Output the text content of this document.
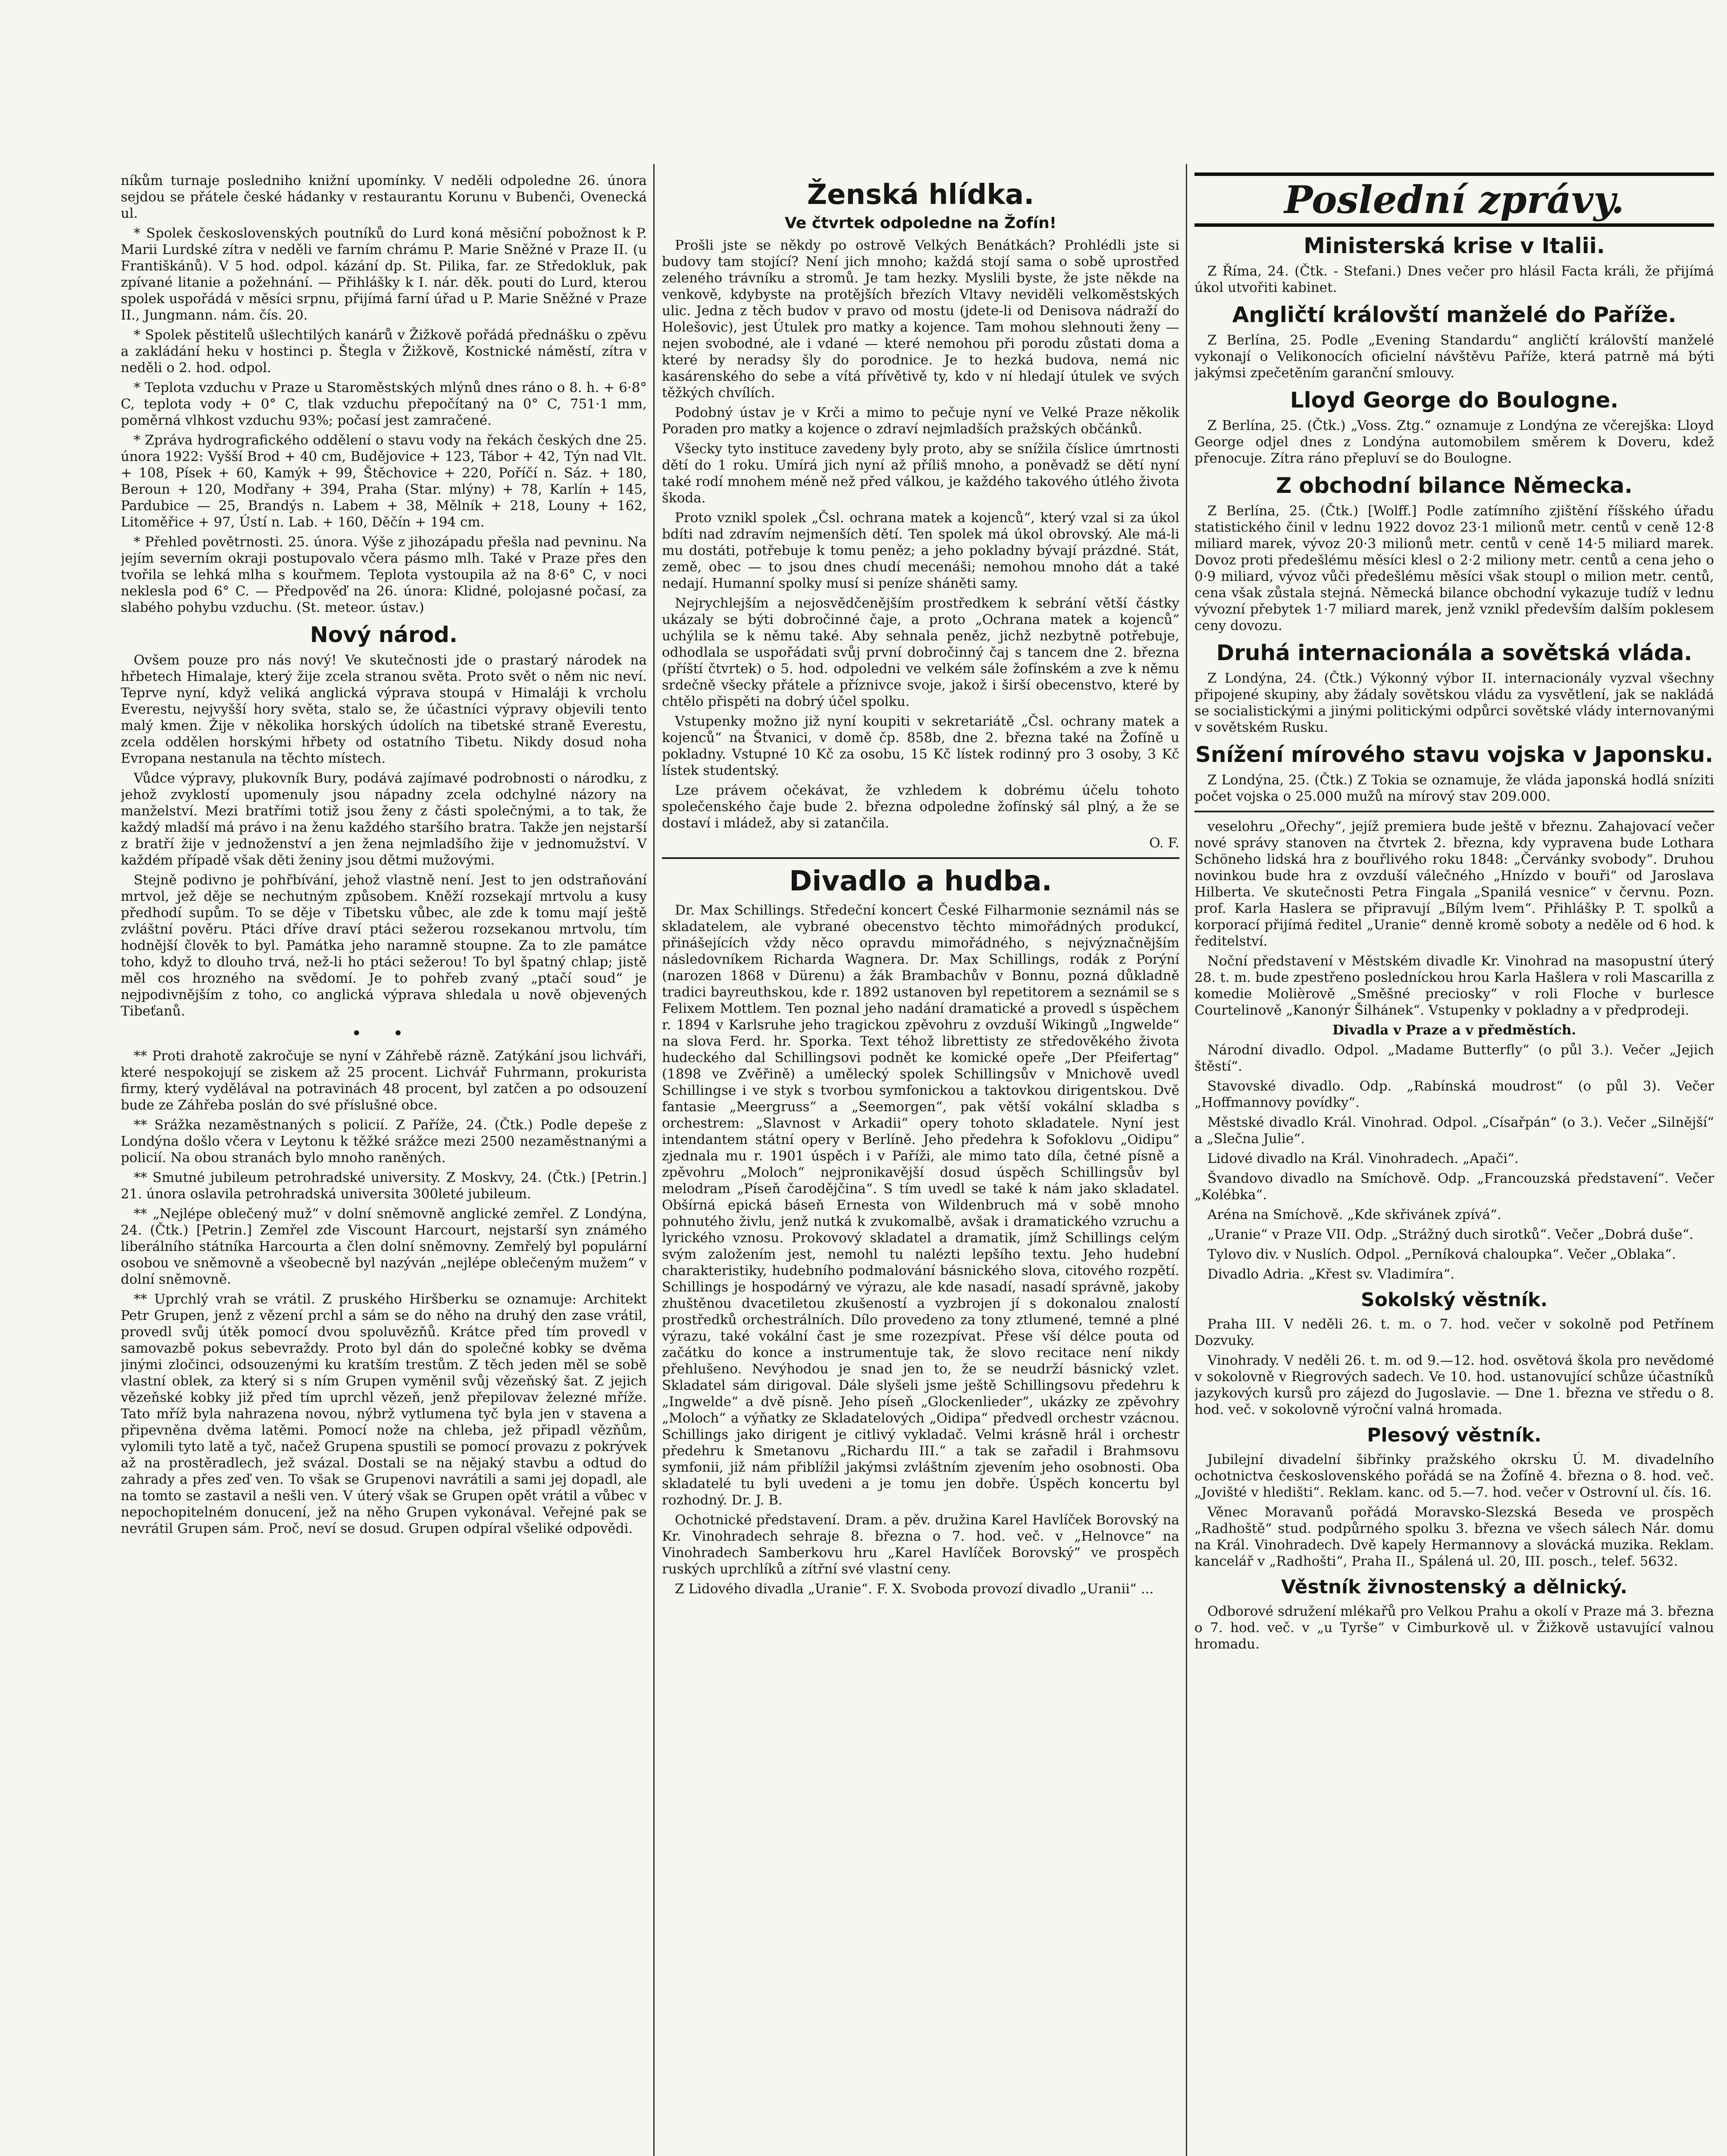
níkům turnaje posledniho knižní upomínky. V neděli odpoledne 26. února sejdou se přátele české hádanky v restaurantu Korunu v Bubenči, Ovenecká ul.

* Spolek československých poutníků do Lurd koná měsiční pobožnost k P. Marii Lurdské zítra v neděli ve farním chrámu P. Marie Sněžné v Praze II. (u Františkánů). V 5 hod. odpol. kázání dp. St. Pilika, far. ze Středokluk, pak zpívané litanie a požehnání. — Přihlášky k I. nár. děk. pouti do Lurd, kterou spolek uspořádá v měsíci srpnu, přijímá farní úřad u P. Marie Sněžné v Praze II., Jungmann. nám. čís. 20.

* Spolek pěstitelů ušlechtilých kanárů v Žižkově pořádá přednášku o zpěvu a zakládání heku v hostinci p. Štegla v Žižkově, Kostnické náměstí, zítra v neděli o 2. hod. odpol.

* Teplota vzduchu v Praze u Staroměstských mlýnů dnes ráno o 8. h. + 6·8° C, teplota vody + 0° C, tlak vzduchu přepočítaný na 0° C, 751·1 mm, poměrná vlhkost vzduchu 93%; počasí jest zamračené.

* Zpráva hydrografického oddělení o stavu vody na řekách českých dne 25. února 1922: Vyšší Brod + 40 cm, Budějovice + 123, Tábor + 42, Týn nad Vlt. + 108, Písek + 60, Kamýk + 99, Štěchovice + 220, Poříčí n. Sáz. + 180, Beroun + 120, Modřany + 394, Praha (Star. mlýny) + 78, Karlín + 145, Pardubice — 25, Brandýs n. Labem + 38, Mělník + 218, Louny + 162, Litoměřice + 97, Ústí n. Lab. + 160, Děčín + 194 cm.

* Přehled povětrnosti. 25. února. Výše z jihozápadu přešla nad pevninu. Na jejím severním okraji postupovalo včera pásmo mlh. Také v Praze přes den tvořila se lehká mlha s kouřmem. Teplota vystoupila až na 8·6° C, v noci neklesla pod 6° C. — Předpověď na 26. února: Klidné, polojasné počasí, za slabého pohybu vzduchu. (St. meteor. ústav.)

Nový národ.

Ovšem pouze pro nás nový! Ve skutečnosti jde o prastarý národek na hřbetech Himalaje, který žije zcela stranou světa. Proto svět o něm nic neví. Teprve nyní, když veliká anglická výprava stoupá v Himaláji k vrcholu Everestu, nejvyšší hory světa, stalo se, že účastníci výpravy objevili tento malý kmen. Žije v několika horských údolích na tibetské straně Everestu, zcela oddělen horskými hřbety od ostatního Tibetu. Nikdy dosud noha Evropana nestanula na těchto místech.

Vůdce výpravy, plukovník Bury, podává zajímavé podrobnosti o národku, z jehož zvyklostí upomenuly jsou nápadny zcela odchylné názory na manželství. Mezi bratřími totiž jsou ženy z části společnými, a to tak, že každý mladší má právo i na ženu každého staršího bratra. Takže jen nejstarší z bratří žije v jednoženství a jen žena nejmladšího žije v jednomužství. V každém případě však děti ženiny jsou dětmi mužovými.

Stejně podivno je pohřbívání, jehož vlastně není. Jest to jen odstraňování mrtvol, jež děje se nechutným způsobem. Kněží rozsekají mrtvolu a kusy předhodí supům. To se děje v Tibetsku vůbec, ale zde k tomu mají ještě zvláštní pověru. Ptáci dříve draví ptáci sežerou rozsekanou mrtvolu, tím hodnější člověk to byl. Památka jeho naramně stoupne. Za to zle památce toho, když to dlouho trvá, než-li ho ptáci sežerou! To byl špatný chlap; jistě měl cos hrozného na svědomí. Je to pohřeb zvaný „ptačí soud“ je nejpodivnějším z toho, co anglická výprava shledala u nově objevených Tibeťanů.

• •

** Proti drahotě zakročuje se nyní v Záhřebě rázně. Zatýkání jsou lichváři, které nespokojují se ziskem až 25 procent. Lichvář Fuhrmann, prokurista firmy, který vydělával na potravinách 48 procent, byl zatčen a po odsouzení bude ze Záhřeba poslán do své příslušné obce.

** Srážka nezaměstnaných s policií. Z Paříže, 24. (Čtk.) Podle depeše z Londýna došlo včera v Leytonu k těžké srážce mezi 2500 nezaměstnanými a policií. Na obou stranách bylo mnoho raněných.

** Smutné jubileum petrohradské university. Z Moskvy, 24. (Čtk.) [Petrin.] 21. února oslavila petrohradská universita 300leté jubileum.

** „Nejlépe oblečený muž“ v dolní sněmovně anglické zemřel. Z Londýna, 24. (Čtk.) [Petrin.] Zemřel zde Viscount Harcourt, nejstarší syn známého liberálního státníka Harcourta a člen dolní sněmovny. Zemřelý byl populární osobou ve sněmovně a všeobecně byl nazýván „nejlépe oblečeným mužem“ v dolní sněmovně.

** Uprchlý vrah se vrátil. Z pruského Hiršberku se oznamuje: Architekt Petr Grupen, jenž z vězení prchl a sám se do něho na druhý den zase vrátil, provedl svůj útěk pomocí dvou spoluvězňů. Krátce před tím provedl v samovazbě pokus sebevraždy. Proto byl dán do společné kobky se dvěma jinými zločinci, odsouzenými ku kratším trestům. Z těch jeden měl se sobě vlastní oblek, za který si s ním Grupen vyměnil svůj vězeňský šat. Z jejich vězeňské kobky již před tím uprchl vězeň, jenž přepilovav železné mříže. Tato mříž byla nahrazena novou, nýbrž vytlumena tyč byla jen v stavena a připevněna dvěma latěmi. Pomocí nože na chleba, jež připadl vězňům, vylomili tyto latě a tyč, načež Grupena spustili se pomocí provazu z pokrývek až na prostěradlech, jež svázal. Dostali se na nějaký stavbu a odtud do zahrady a přes zeď ven. To však se Grupenovi navrátili a sami jej dopadl, ale na tomto se zastavil a nešli ven. V úterý však se Grupen opět vrátil a vůbec v nepochopitelném donucení, jež na něho Grupen vykonával. Veřejné pak se nevrátil Grupen sám. Proč, neví se dosud. Grupen odpíral všeliké odpovědi.

Ženská hlídka.
Ve čtvrtek odpoledne na Žofín!

Prošli jste se někdy po ostrově Velkých Benátkách? Prohlédli jste si budovy tam stojící? Není jich mnoho; každá stojí sama o sobě uprostřed zeleného trávníku a stromů. Je tam hezky. Myslili byste, že jste někde na venkově, kdybyste na protějších březích Vltavy neviděli velkoměstských ulic. Jedna z těch budov v pravo od mostu (jdete-li od Denisova nádraží do Holešovic), jest Útulek pro matky a kojence. Tam mohou slehnouti ženy — nejen svobodné, ale i vdané — které nemohou při porodu zůstati doma a které by neradsy šly do porodnice. Je to hezká budova, nemá nic kasárenského do sebe a vítá přívětivě ty, kdo v ní hledají útulek ve svých těžkých chvílích.

Podobný ústav je v Krči a mimo to pečuje nyní ve Velké Praze několik Poraden pro matky a kojence o zdraví nejmladších pražských občánků.

Všecky tyto instituce zavedeny byly proto, aby se snížila číslice úmrtnosti dětí do 1 roku. Umírá jich nyní až příliš mnoho, a poněvadž se dětí nyní také rodí mnohem méně než před válkou, je každého takového útlého života škoda.

Proto vznikl spolek „Čsl. ochrana matek a kojenců“, který vzal si za úkol bdíti nad zdravím nejmenších dětí. Ten spolek má úkol obrovský. Ale má-li mu dostáti, potřebuje k tomu peněz; a jeho pokladny bývají prázdné. Stát, země, obec — to jsou dnes chudí mecenáši; nemohou mnoho dát a také nedají. Humanní spolky musí si peníze sháněti samy.

Nejrychlejším a nejosvědčenějším prostředkem k sebrání větší částky ukázaly se býti dobročinné čaje, a proto „Ochrana matek a kojenců“ uchýlila se k němu také. Aby sehnala peněz, jichž nezbytně potřebuje, odhodlala se uspořádati svůj první dobročinný čaj s tancem dne 2. března (příští čtvrtek) o 5. hod. odpoledni ve velkém sále žofínském a zve k němu srdečně všecky přátele a příznivce svoje, jakož i širší obecenstvo, které by chtělo přispěti na dobrý účel spolku.

Vstupenky možno již nyní koupiti v sekretariátě „Čsl. ochrany matek a kojenců“ na Štvanici, v domě čp. 858b, dne 2. března také na Žofíně u pokladny. Vstupné 10 Kč za osobu, 15 Kč lístek rodinný pro 3 osoby, 3 Kč lístek studentský.

Lze právem očekávat, že vzhledem k dobrému účelu tohoto společenského čaje bude 2. března odpoledne žofínský sál plný, a že se dostaví i mládež, aby si zatančila.

O. F.

Divadlo a hudba.

Dr. Max Schillings. Středeční koncert České Filharmonie seznámil nás se skladatelem, ale vybrané obecenstvo těchto mimořádných produkcí, přinášejících vždy něco opravdu mimořádného, s nejvýznačnějším následovníkem Richarda Wagnera. Dr. Max Schillings, rodák z Porýní (narozen 1868 v Dürenu) a žák Brambachův v Bonnu, pozná důkladně tradici bayreuthskou, kde r. 1892 ustanoven byl repetitorem a seznámil se s Felixem Mottlem. Ten poznal jeho nadání dramatické a provedl s úspěchem r. 1894 v Karlsruhe jeho tragickou zpěvohru z ovzduší Wikingů „Ingwelde“ na slova Ferd. hr. Sporka. Text téhož librettisty ze středověkého života hudeckého dal Schillingsovi podnět ke komické opeře „Der Pfeifertag“ (1898 ve Zvěřině) a umělecký spolek Schillingsův v Mnichově uvedl Schillingse i ve styk s tvorbou symfonickou a taktovkou dirigentskou. Dvě fantasie „Meergruss“ a „Seemorgen“, pak větší vokální skladba s orchestrem: „Slavnost v Arkadii“ opery tohoto skladatele. Nyní jest intendantem státní opery v Berlíně. Jeho předehra k Sofoklovu „Oidipu“ zjednala mu r. 1901 úspěch i v Paříži, ale mimo tato díla, četné písně a zpěvohru „Moloch“ nejpronikavější dosud úspěch Schillingsův byl melodram „Píseň čarodějčina“. S tím uvedl se také k nám jako skladatel. Obšírná epická báseň Ernesta von Wildenbruch má v sobě mnoho pohnutého živlu, jenž nutká k zvukomalbě, avšak i dramatického vzruchu a lyrického vznosu. Prokovový skladatel a dramatik, jímž Schillings celým svým založením jest, nemohl tu nalézti lepšího textu. Jeho hudební charakteristiky, hudebního podmalování básnického slova, citového rozpětí. Schillings je hospodárný ve výrazu, ale kde nasadí, nasadí správně, jakoby zhuštěnou dvacetiletou zkušeností a vyzbrojen jí s dokonalou znalostí prostředků orchestrálních. Dílo provedeno za tony ztlumené, temné a plné výrazu, také vokální čast je sme rozezpívat. Přese vší délce pouta od začátku do konce a instrumentuje tak, že slovo recitace není nikdy přehlušeno. Nevýhodou je snad jen to, že se neudrží básnický vzlet. Skladatel sám dirigoval. Dále slyšeli jsme ještě Schillingsovu předehru k „Ingwelde“ a dvě písně. Jeho píseň „Glockenlieder“, ukázky ze zpěvohry „Moloch“ a výňatky ze Skladatelových „Oidipa“ předvedl orchestr vzácnou. Schillings jako dirigent je citlivý vykladač. Velmi krásně hrál i orchestr předehru k Smetanovu „Richardu III.“ a tak se zařadil i Brahmsovu symfonii, již nám přiblížil jakýmsi zvláštním zjevením jeho osobnosti. Oba skladatelé tu byli uvedeni a je tomu jen dobře. Úspěch koncertu byl rozhodný. Dr. J. B.

Ochotnické představení. Dram. a pěv. družina Karel Havlíček Borovský na Kr. Vinohradech sehraje 8. března o 7. hod. več. v „Helnovce“ na Vinohradech Samberkovu hru „Karel Havlíček Borovský“ ve prospěch ruských uprchlíků a zítřní své vlastní ceny.

Z Lidového divadla „Uranie“. F. X. Svoboda provozí divadlo „Uranii“ ...

Poslední zprávy.
Ministerská krise v Italii.

Z Říma, 24. (Čtk. - Stefani.) Dnes večer pro hlásil Facta králi, že přijímá úkol utvořiti kabinet.

Angličtí královští manželé do Paříže.

Z Berlína, 25. Podle „Evening Standardu“ angličtí královští manželé vykonají o Velikonocích oficielní návštěvu Paříže, která patrně má býti jakýmsi zpečetěním garanční smlouvy.

Lloyd George do Boulogne.

Z Berlína, 25. (Čtk.) „Voss. Ztg.“ oznamuje z Londýna ze včerejška: Lloyd George odjel dnes z Londýna automobilem směrem k Doveru, kdež přenocuje. Zítra ráno přepluví se do Boulogne.

Z obchodní bilance Německa.

Z Berlína, 25. (Čtk.) [Wolff.] Podle zatímního zjištění říšského úřadu statistického činil v lednu 1922 dovoz 23·1 milionů metr. centů v ceně 12·8 miliard marek, vývoz 20·3 milionů metr. centů v ceně 14·5 miliard marek. Dovoz proti předešlému měsíci klesl o 2·2 miliony metr. centů a cena jeho o 0·9 miliard, vývoz vůči předešlému měsíci však stoupl o milion metr. centů, cena však zůstala stejná. Německá bilance obchodní vykazuje tudíž v lednu vývozní přebytek 1·7 miliard marek, jenž vznikl především dalším poklesem ceny dovozu.

Druhá internacionála a sovětská vláda.

Z Londýna, 24. (Čtk.) Výkonný výbor II. internacionály vyzval všechny připojené skupiny, aby žádaly sovětskou vládu za vysvětlení, jak se nakládá se socialistickými a jinými politickými odpůrci sovětské vlády internovanými v sovětském Rusku.

Snížení mírového stavu vojska v Japonsku.

Z Londýna, 25. (Čtk.) Z Tokia se oznamuje, že vláda japonská hodlá sníziti počet vojska o 25.000 mužů na mírový stav 209.000.

veselohru „Ořechy“, jejíž premiera bude ještě v březnu. Zahajovací večer nové správy stanoven na čtvrtek 2. března, kdy vypravena bude Lothara Schöneho lidská hra z bouřlivého roku 1848: „Červánky svobody“. Druhou novinkou bude hra z ovzduší válečného „Hnízdo v bouři“ od Jaroslava Hilberta. Ve skutečnosti Petra Fingala „Spanilá vesnice“ v červnu. Pozn. prof. Karla Haslera se připravují „Bílým lvem“. Přihlášky P. T. spolků a korporací přijímá ředitel „Uranie“ denně kromě soboty a neděle od 6 hod. k ředitelství.

Noční představení v Městském divadle Kr. Vinohrad na masopustní úterý 28. t. m. bude zpestřeno posledníckou hrou Karla Hašlera v roli Mascarilla z komedie Molièrově „Směšné preciosky“ v roli Floche v burlesce Courtelinově „Kanonýr Šilhánek“. Vstupenky v pokladny a v předprodeji.

Divadla v Praze a v předměstích.

Národní divadlo. Odpol. „Madame Butterfly“ (o půl 3.). Večer „Jejich štěstí“.

Stavovské divadlo. Odp. „Rabínská moudrost“ (o půl 3). Večer „Hoffmannovy povídky“.

Městské divadlo Král. Vinohrad. Odpol. „Císařpán“ (o 3.). Večer „Silnější“ a „Slečna Julie“.

Lidové divadlo na Král. Vinohradech. „Apači“.

Švandovo divadlo na Smíchově. Odp. „Francouzská představení“. Večer „Kolébka“.

Aréna na Smíchově. „Kde skřivánek zpívá“.

„Uranie“ v Praze VII. Odp. „Strážný duch sirotků“. Večer „Dobrá duše“.

Tylovo div. v Nuslích. Odpol. „Perníková chaloupka“. Večer „Oblaka“.

Divadlo Adria. „Křest sv. Vladimíra“.

Sokolský věstník.

Praha III. V neděli 26. t. m. o 7. hod. večer v sokolně pod Petřínem Dozvuky.

Vinohrady. V neděli 26. t. m. od 9.—12. hod. osvětová škola pro nevědomé v sokolovně v Riegrových sadech. Ve 10. hod. ustanovující schůze účastníků jazykových kursů pro zájezd do Jugoslavie. — Dne 1. března ve středu o 8. hod. več. v sokolovně výroční valná hromada.

Plesový věstník.

Jubilejní divadelní šibřinky pražského okrsku Ú. M. divadelního ochotnictva československého pořádá se na Žofíně 4. března o 8. hod. več. „Jovišté v hledišti“. Reklam. kanc. od 5.—7. hod. večer v Ostrovní ul. čís. 16.

Věnec Moravanů pořádá Moravsko-Slezská Beseda ve prospěch „Radhoště“ stud. podpůrného spolku 3. března ve všech sálech Nár. domu na Král. Vinohradech. Dvě kapely Hermannovy a slovácká muzika. Reklam. kancelář v „Radhošti“, Praha II., Spálená ul. 20, III. posch., telef. 5632.

Věstník živnostenský a dělnický.

Odborové sdružení mlékařů pro Velkou Prahu a okolí v Praze má 3. března o 7. hod. več. v „u Tyrše“ v Cimburkově ul. v Žižkově ustavující valnou hromadu.
